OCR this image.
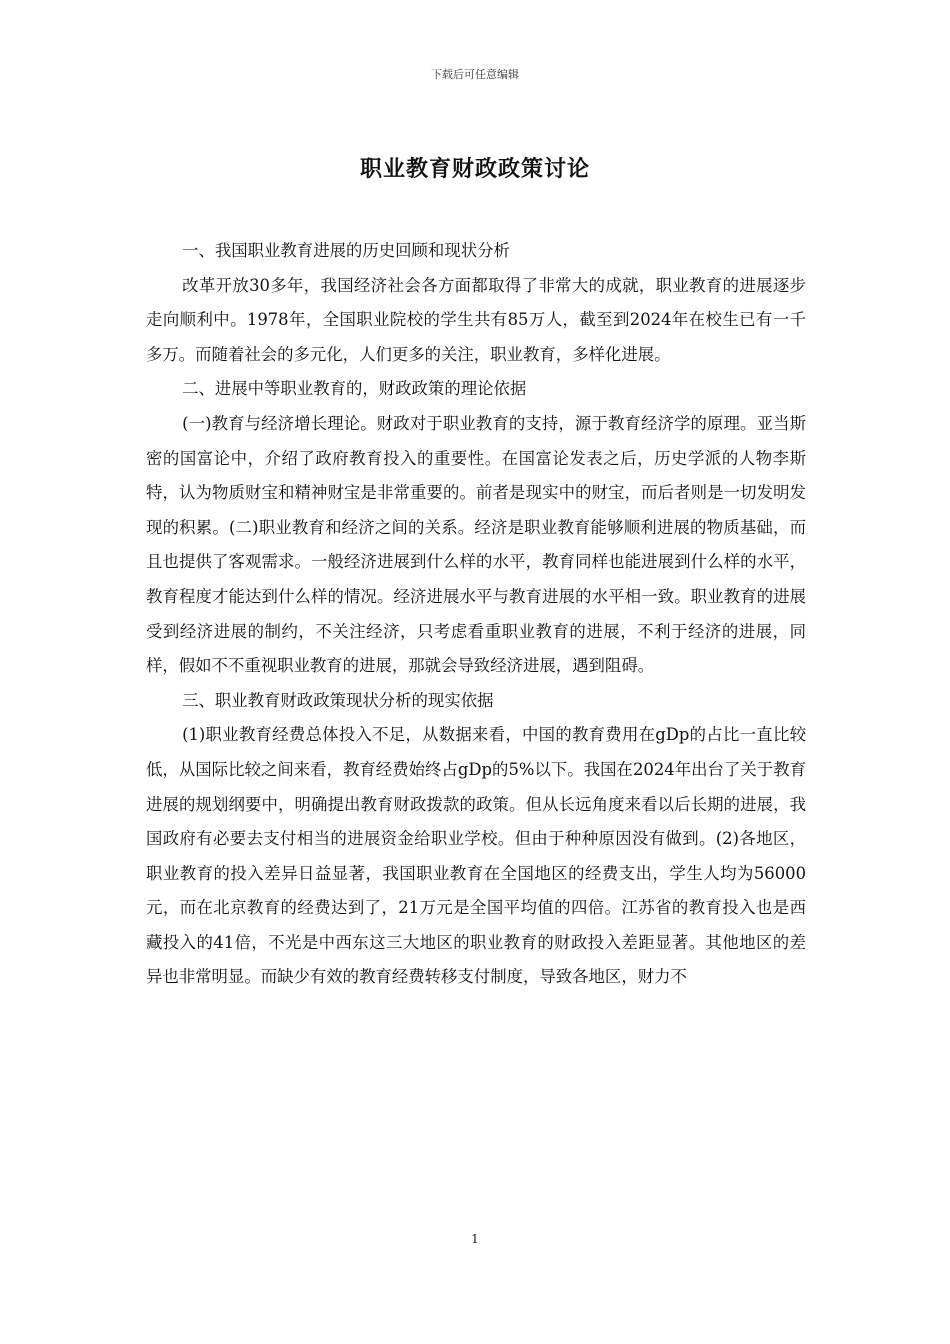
下载后可任意编辑
职业教育财政政策讨论

一、我国职业教育进展的历史回顾和现状分析

改革开放30多年，我国经济社会各方面都取得了非常大的成就，职业教育的进展逐步走向顺利中。1978年，全国职业院校的学生共有85万人，截至到2024年在校生已有一千多万。而随着社会的多元化，人们更多的关注，职业教育，多样化进展。

二、进展中等职业教育的，财政政策的理论依据

(一)教育与经济增长理论。财政对于职业教育的支持，源于教育经济学的原理。亚当斯密的国富论中，介绍了政府教育投入的重要性。在国富论发表之后，历史学派的人物李斯特，认为物质财宝和精神财宝是非常重要的。前者是现实中的财宝，而后者则是一切发明发现的积累。(二)职业教育和经济之间的关系。经济是职业教育能够顺利进展的物质基础，而且也提供了客观需求。一般经济进展到什么样的水平，教育同样也能进展到什么样的水平，教育程度才能达到什么样的情况。经济进展水平与教育进展的水平相一致。职业教育的进展受到经济进展的制约，不关注经济，只考虑看重职业教育的进展，不利于经济的进展，同样，假如不不重视职业教育的进展，那就会导致经济进展，遇到阻碍。

三、职业教育财政政策现状分析的现实依据

(1)职业教育经费总体投入不足，从数据来看，中国的教育费用在gDp的占比一直比较低，从国际比较之间来看，教育经费始终占gDp的5%以下。我国在2024年出台了关于教育进展的规划纲要中，明确提出教育财政拨款的政策。但从长远角度来看以后长期的进展，我国政府有必要去支付相当的进展资金给职业学校。但由于种种原因没有做到。(2)各地区，职业教育的投入差异日益显著，我国职业教育在全国地区的经费支出，学生人均为56000元，而在北京教育的经费达到了，21万元是全国平均值的四倍。江苏省的教育投入也是西藏投入的41倍，不光是中西东这三大地区的职业教育的财政投入差距显著。其他地区的差异也非常明显。而缺少有效的教育经费转移支付制度，导致各地区，财力不

1
